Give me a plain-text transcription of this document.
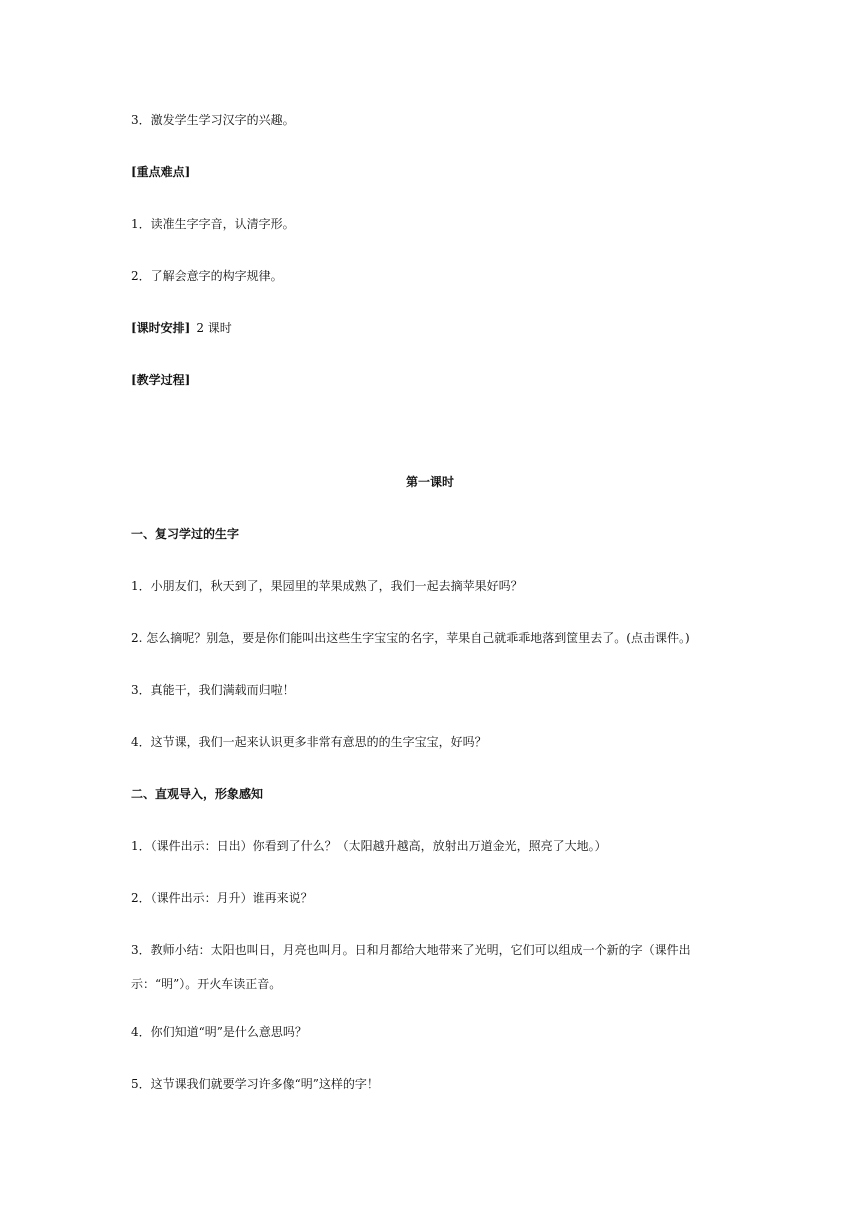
3．激发学生学习汉字的兴趣。
[重点难点]
1．读准生字字音，认清字形。
2．了解会意字的构字规律。
[课时安排] 2 课时
[教学过程]
第一课时
一、复习学过的生字
1．小朋友们，秋天到了，果园里的苹果成熟了，我们一起去摘苹果好吗？
2. 怎么摘呢？别急，要是你们能叫出这些生字宝宝的名字，苹果自己就乖乖地落到筐里去了。(点击课件。)
3．真能干，我们满载而归啦！
4．这节课，我们一起来认识更多非常有意思的的生字宝宝，好吗？
二、直观导入，形象感知
1．（课件出示：日出）你看到了什么？（太阳越升越高，放射出万道金光，照亮了大地。）
2．（课件出示：月升）谁再来说？
3．教师小结：太阳也叫日，月亮也叫月。日和月都给大地带来了光明，它们可以组成一个新的字（课件出
示：“明”）。开火车读正音。
4．你们知道“明”是什么意思吗？
5．这节课我们就要学习许多像“明”这样的字！
